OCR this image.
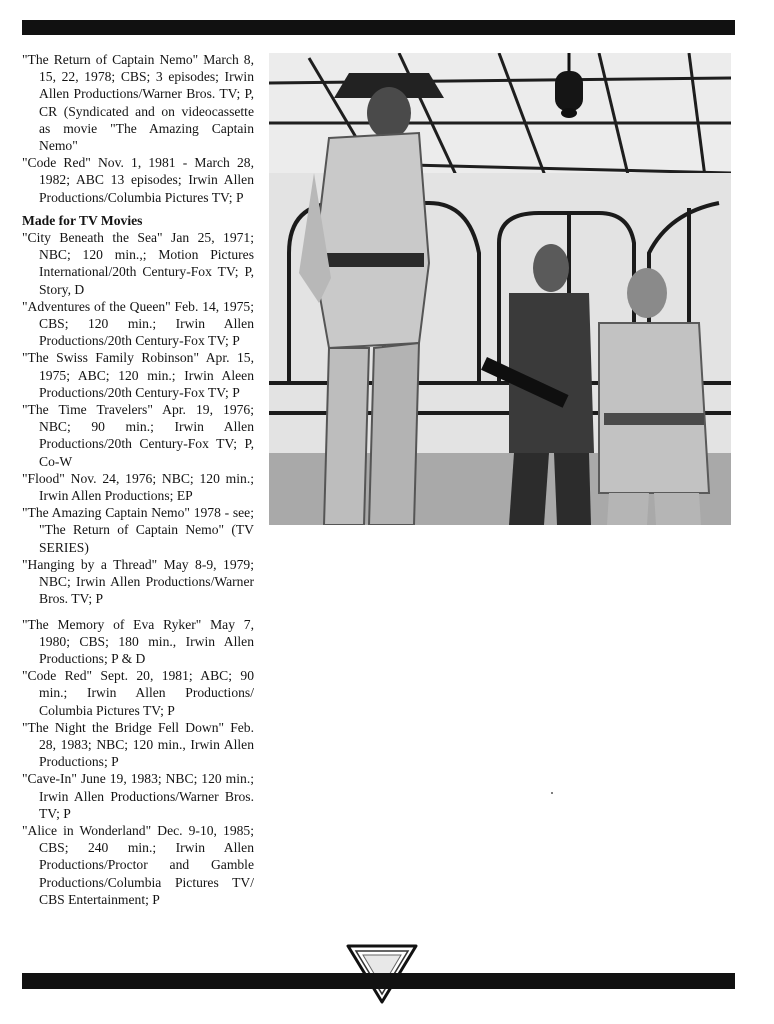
"The Return of Captain Nemo" March 8, 15, 22, 1978; CBS; 3 episodes; Irwin Allen Productions/Warner Bros. TV; P, CR (Syndicated and on videocassette as movie "The Amazing Captain Nemo"

"Code Red" Nov. 1, 1981 - March 28, 1982; ABC 13 episodes; Irwin Allen Productions/Columbia Pictures TV; P

Made for TV Movies

"City Beneath the Sea" Jan 25, 1971; NBC; 120 min.,; Motion Pictures International/20th Century-Fox TV; P, Story, D

"Adventures of the Queen" Feb. 14, 1975; CBS; 120 min.; Irwin Allen Productions/20th Century-Fox TV; P

"The Swiss Family Robinson" Apr. 15, 1975; ABC; 120 min.; Irwin Aleen Productions/20th Century-Fox TV; P

"The Time Travelers" Apr. 19, 1976; NBC; 90 min.; Irwin Allen Productions/20th Century-Fox TV; P, Co-W

"Flood" Nov. 24, 1976; NBC; 120 min.; Irwin Allen Productions; EP

"The Amazing Captain Nemo" 1978 - see; "The Return of Captain Nemo" (TV SERIES)

"Hanging by a Thread" May 8-9, 1979; NBC; Irwin Allen Productions/Warner Bros. TV; P

"The Memory of Eva Ryker" May 7, 1980; CBS; 180 min., Irwin Allen Productions; P & D

"Code Red" Sept. 20, 1981; ABC; 90 min.; Irwin Allen Productions/ Columbia Pictures TV; P

"The Night the Bridge Fell Down" Feb. 28, 1983; NBC; 120 min., Irwin Allen Productions; P

"Cave-In" June 19, 1983; NBC; 120 min.; Irwin Allen Productions/Warner Bros. TV; P

"Alice in Wonderland" Dec. 9-10, 1985; CBS; 240 min.; Irwin Allen Productions/Proctor and Gamble Productions/Columbia Pictures TV/ CBS Entertainment; P
